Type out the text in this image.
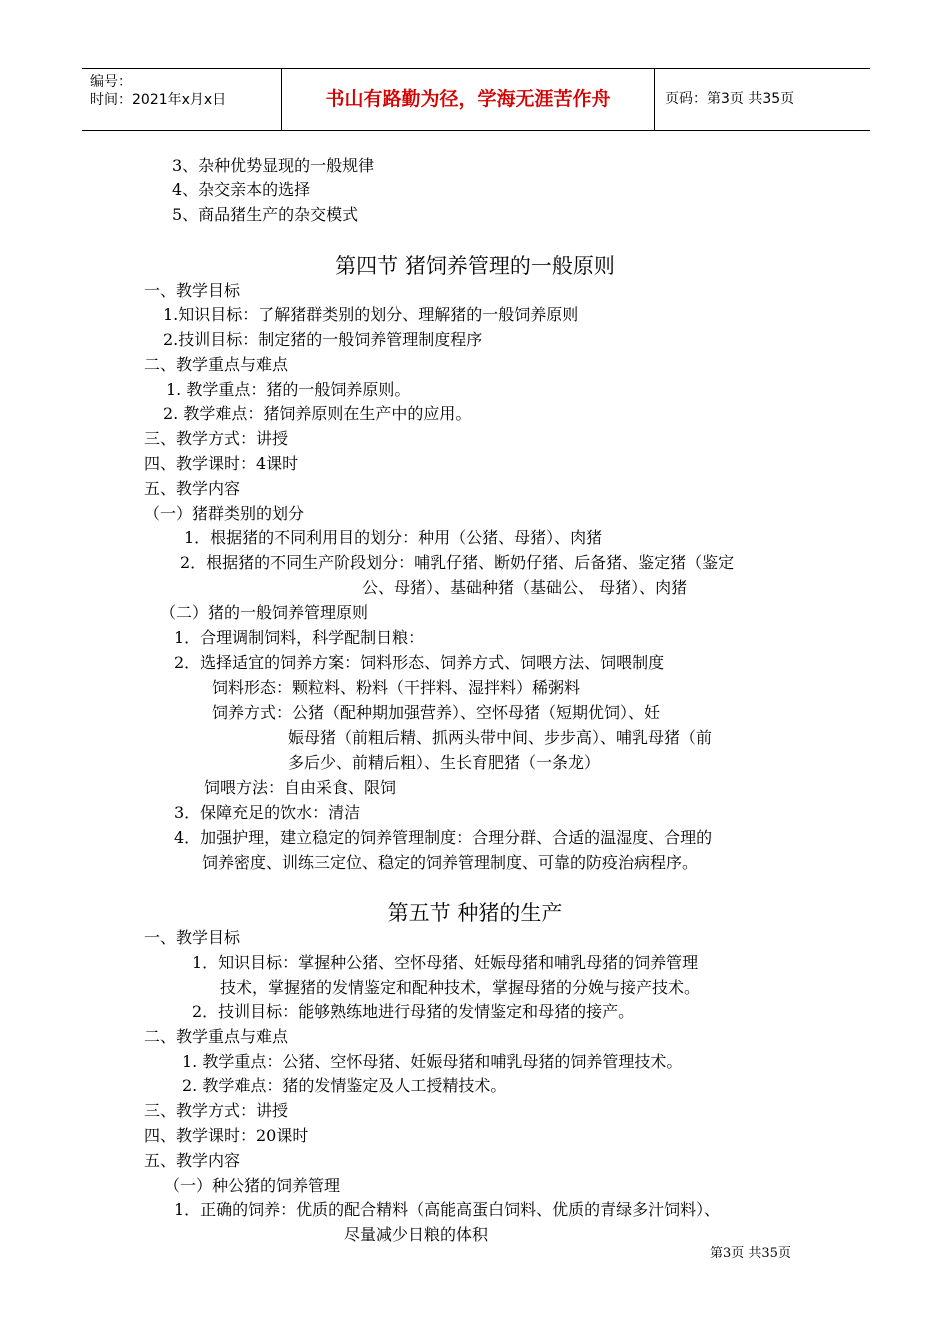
编号：
时间：2021年x月x日	书山有路勤为径，学海无涯苦作舟	页码：第3页 共35页
3、杂种优势显现的一般规律
4、杂交亲本的选择
5、商品猪生产的杂交模式
第四节 猪饲养管理的一般原则
一、教学目标
1.知识目标：了解猪群类别的划分、理解猪的一般饲养原则
2.技训目标：制定猪的一般饲养管理制度程序
二、教学重点与难点
1. 教学重点：猪的一般饲养原则。
2. 教学难点：猪饲养原则在生产中的应用。
三、教学方式：讲授
四、教学课时：4课时
五、教学内容
（一）猪群类别的划分
1．根据猪的不同利用目的划分：种用（公猪、母猪）、肉猪
2．根据猪的不同生产阶段划分：哺乳仔猪、断奶仔猪、后备猪、鉴定猪（鉴定
公、母猪）、基础种猪（基础公、 母猪）、肉猪
（二）猪的一般饲养管理原则
1．合理调制饲料，科学配制日粮：
2．选择适宜的饲养方案：饲料形态、饲养方式、饲喂方法、饲喂制度
饲料形态：颗粒料、粉料（干拌料、湿拌料）稀粥料
饲养方式：公猪（配种期加强营养）、空怀母猪（短期优饲）、妊
娠母猪（前粗后精、抓两头带中间、步步高）、哺乳母猪（前
多后少、前精后粗）、生长育肥猪（一条龙）
饲喂方法：自由采食、限饲
3．保障充足的饮水：清洁
4．加强护理，建立稳定的饲养管理制度：合理分群、合适的温湿度、合理的
饲养密度、训练三定位、稳定的饲养管理制度、可靠的防疫治病程序。
第五节 种猪的生产
一、教学目标
1．知识目标：掌握种公猪、空怀母猪、妊娠母猪和哺乳母猪的饲养管理
技术，掌握猪的发情鉴定和配种技术，掌握母猪的分娩与接产技术。
2．技训目标：能够熟练地进行母猪的发情鉴定和母猪的接产。
二、教学重点与难点
1. 教学重点：公猪、空怀母猪、妊娠母猪和哺乳母猪的饲养管理技术。
2. 教学难点：猪的发情鉴定及人工授精技术。
三、教学方式：讲授
四、教学课时：20课时
五、教学内容
（一）种公猪的饲养管理
1．正确的饲养：优质的配合精料（高能高蛋白饲料、优质的青绿多汁饲料）、
尽量减少日粮的体积
第3页 共35页
